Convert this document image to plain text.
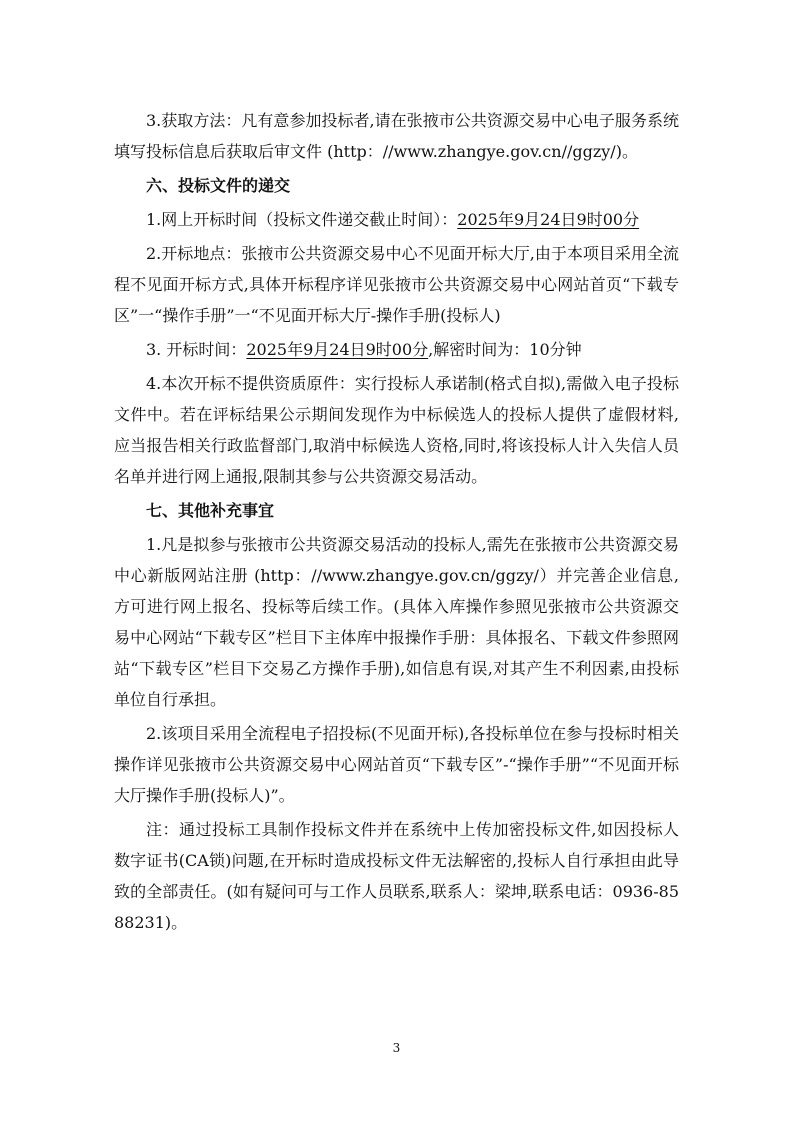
3.获取方法：凡有意参加投标者,请在张掖市公共资源交易中心电子服务系统填写投标信息后获取后审文件 (http：//www.zhangye.gov.cn//ggzy/)。

六、投标文件的递交

1.网上开标时间（投标文件递交截止时间）：2025年9月24日9时00分

2.开标地点：张掖市公共资源交易中心不见面开标大厅,由于本项目采用全流程不见面开标方式,具体开标程序详见张掖市公共资源交易中心网站首页“下载专区”一“操作手册”一“不见面开标大厅-操作手册(投标人)

3. 开标时间：2025年9月24日9时00分,解密时间为：10分钟

4.本次开标不提供资质原件：实行投标人承诺制(格式自拟),需做入电子投标文件中。若在评标结果公示期间发现作为中标候选人的投标人提供了虚假材料,应当报告相关行政监督部门,取消中标候选人资格,同时,将该投标人计入失信人员名单并进行网上通报,限制其参与公共资源交易活动。

七、其他补充事宜

1.凡是拟参与张掖市公共资源交易活动的投标人,需先在张掖市公共资源交易中心新版网站注册 (http：//www.zhangye.gov.cn/ggzy/）并完善企业信息,方可进行网上报名、投标等后续工作。(具体入库操作参照见张掖市公共资源交易中心网站“下载专区”栏目下主体库中报操作手册：具体报名、下载文件参照网站“下载专区”栏目下交易乙方操作手册),如信息有误,对其产生不利因素,由投标单位自行承担。

2.该项目采用全流程电子招投标(不见面开标),各投标单位在参与投标时相关操作详见张掖市公共资源交易中心网站首页“下载专区”-“操作手册”“不见面开标大厅操作手册(投标人)”。

注：通过投标工具制作投标文件并在系统中上传加密投标文件,如因投标人数字证书(CA锁)问题,在开标时造成投标文件无法解密的,投标人自行承担由此导致的全部责任。(如有疑问可与工作人员联系,联系人：梁坤,联系电话：0936-8588231)。

3
